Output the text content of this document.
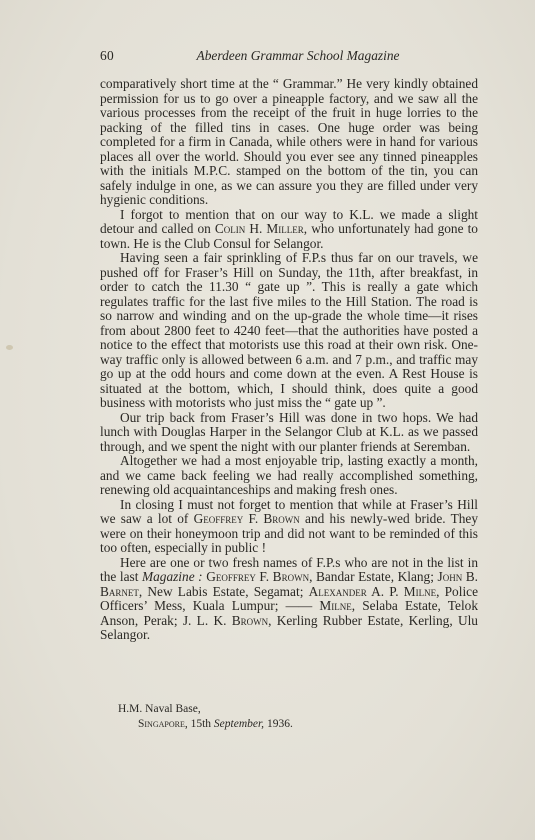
60	Aberdeen Grammar School Magazine

comparatively short time at the “ Grammar.” He very kindly obtained permission for us to go over a pineapple factory, and we saw all the various processes from the receipt of the fruit in huge lorries to the packing of the filled tins in cases. One huge order was being completed for a firm in Canada, while others were in hand for various places all over the world. Should you ever see any tinned pineapples with the initials M.P.C. stamped on the bottom of the tin, you can safely indulge in one, as we can assure you they are filled under very hygienic conditions.

I forgot to mention that on our way to K.L. we made a slight detour and called on Colin H. Miller, who unfortunately had gone to town. He is the Club Consul for Selangor.

Having seen a fair sprinkling of F.P.s thus far on our travels, we pushed off for Fraser’s Hill on Sunday, the 11th, after breakfast, in order to catch the 11.30 “ gate up ”. This is really a gate which regulates traffic for the last five miles to the Hill Station. The road is so narrow and winding and on the up-grade the whole time—it rises from about 2800 feet to 4240 feet—that the authorities have posted a notice to the effect that motorists use this road at their own risk. One-way traffic only is allowed between 6 a.m. and 7 p.m., and traffic may go up at the odd hours and come down at the even. A Rest House is situated at the bottom, which, I should think, does quite a good business with motorists who just miss the “ gate up ”.

Our trip back from Fraser’s Hill was done in two hops. We had lunch with Douglas Harper in the Selangor Club at K.L. as we passed through, and we spent the night with our planter friends at Seremban.

Altogether we had a most enjoyable trip, lasting exactly a month, and we came back feeling we had really accomplished something, renewing old acquaintanceships and making fresh ones.

In closing I must not forget to mention that while at Fraser’s Hill we saw a lot of Geoffrey F. Brown and his newly-wed bride. They were on their honeymoon trip and did not want to be reminded of this too often, especially in public !

Here are one or two fresh names of F.P.s who are not in the list in the last Magazine : Geoffrey F. Brown, Bandar Estate, Klang; John B. Barnet, New Labis Estate, Segamat; Alexander A. P. Milne, Police Officers’ Mess, Kuala Lumpur; —— Milne, Selaba Estate, Telok Anson, Perak; J. L. K. Brown, Kerling Rubber Estate, Kerling, Ulu Selangor.

H.M. Naval Base,
Singapore, 15th September, 1936.
